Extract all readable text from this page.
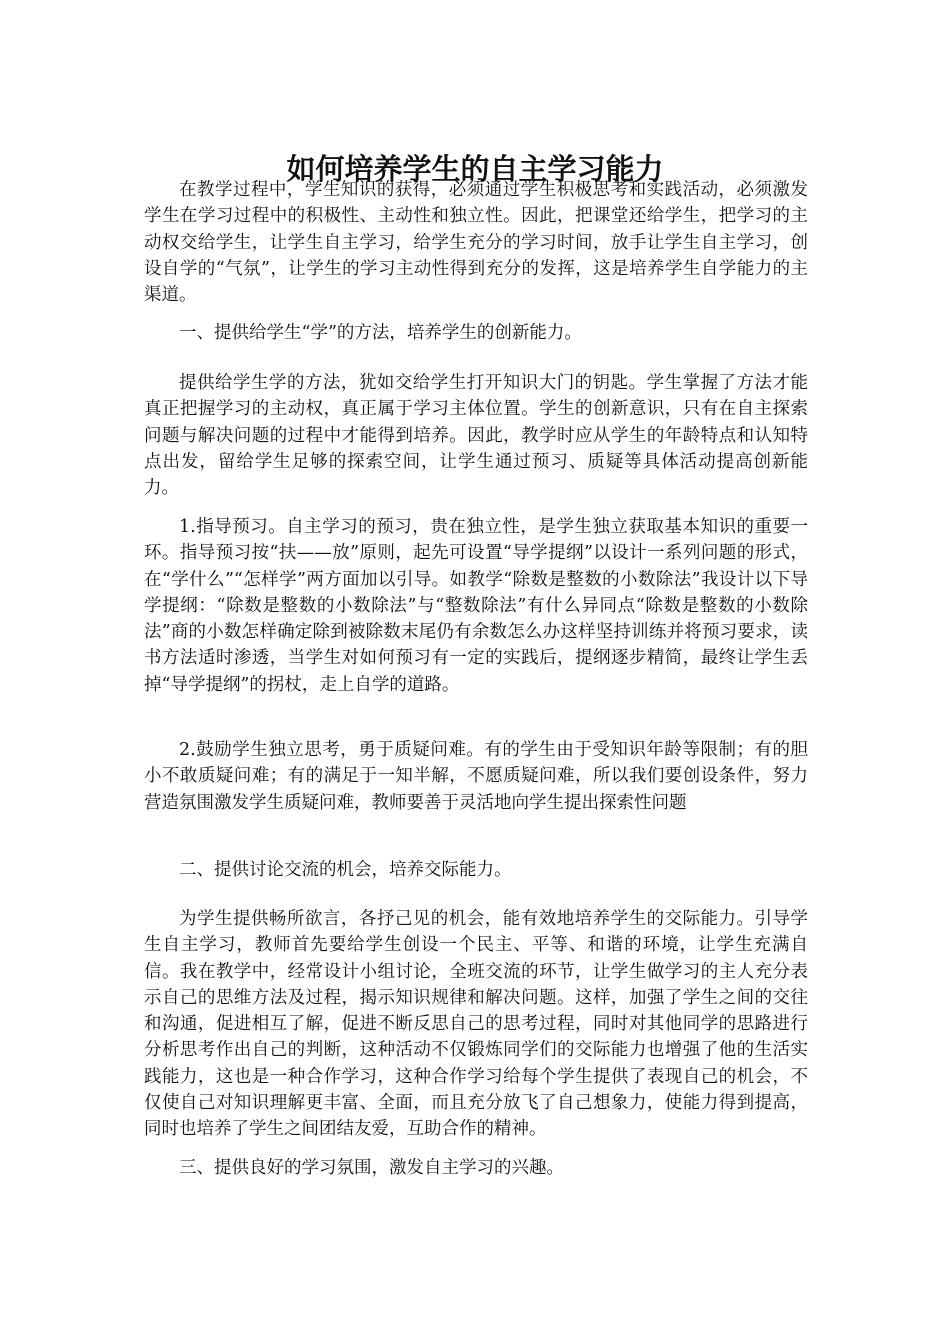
如何培养学生的自主学习能力

在教学过程中，学生知识的获得，必须通过学生积极思考和实践活动，必须激发学生在学习过程中的积极性、主动性和独立性。因此，把课堂还给学生，把学习的主动权交给学生，让学生自主学习，给学生充分的学习时间，放手让学生自主学习，创设自学的“气氛”，让学生的学习主动性得到充分的发挥，这是培养学生自学能力的主渠道。

一、提供给学生“学”的方法，培养学生的创新能力。

提供给学生学的方法，犹如交给学生打开知识大门的钥匙。学生掌握了方法才能真正把握学习的主动权，真正属于学习主体位置。学生的创新意识，只有在自主探索问题与解决问题的过程中才能得到培养。因此，教学时应从学生的年龄特点和认知特点出发，留给学生足够的探索空间，让学生通过预习、质疑等具体活动提高创新能力。

1.指导预习。自主学习的预习，贵在独立性，是学生独立获取基本知识的重要一环。指导预习按“扶——放”原则，起先可设置“导学提纲”以设计一系列问题的形式，在“学什么”“怎样学”两方面加以引导。如教学“除数是整数的小数除法”我设计以下导学提纲：“除数是整数的小数除法”与“整数除法”有什么异同点“除数是整数的小数除法”商的小数怎样确定除到被除数末尾仍有余数怎么办这样坚持训练并将预习要求，读书方法适时渗透，当学生对如何预习有一定的实践后，提纲逐步精简，最终让学生丢掉“导学提纲”的拐杖，走上自学的道路。

2.鼓励学生独立思考，勇于质疑问难。有的学生由于受知识年龄等限制；有的胆小不敢质疑问难；有的满足于一知半解，不愿质疑问难，所以我们要创设条件，努力营造氛围激发学生质疑问难，教师要善于灵活地向学生提出探索性问题

二、提供讨论交流的机会，培养交际能力。

为学生提供畅所欲言，各抒己见的机会，能有效地培养学生的交际能力。引导学生自主学习，教师首先要给学生创设一个民主、平等、和谐的环境，让学生充满自信。我在教学中，经常设计小组讨论，全班交流的环节，让学生做学习的主人充分表示自己的思维方法及过程，揭示知识规律和解决问题。这样，加强了学生之间的交往和沟通，促进相互了解，促进不断反思自己的思考过程，同时对其他同学的思路进行分析思考作出自己的判断，这种活动不仅锻炼同学们的交际能力也增强了他的生活实践能力，这也是一种合作学习，这种合作学习给每个学生提供了表现自己的机会，不仅使自己对知识理解更丰富、全面，而且充分放飞了自己想象力，使能力得到提高，同时也培养了学生之间团结友爱，互助合作的精神。

三、提供良好的学习氛围，激发自主学习的兴趣。
